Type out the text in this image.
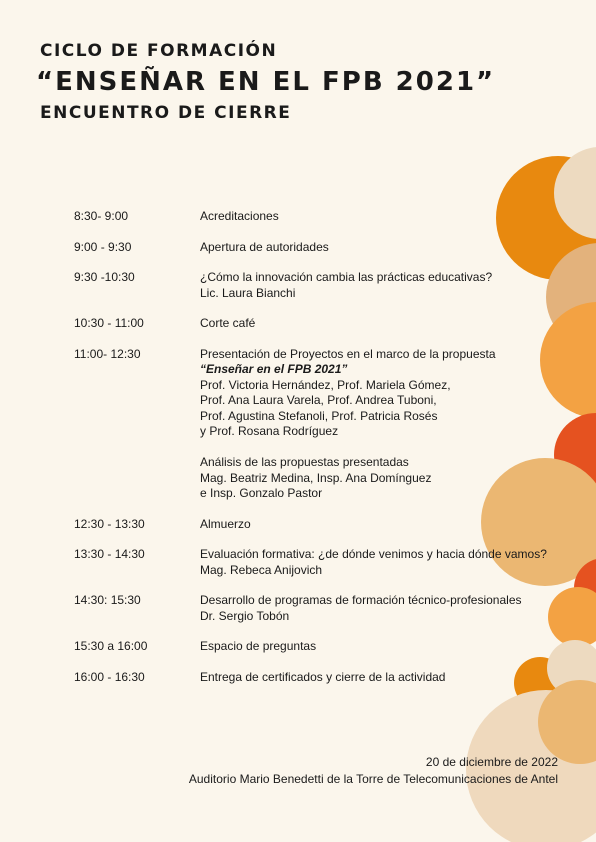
CICLO DE FORMACIÓN

“ENSEÑAR EN EL FPB 2021”

ENCUENTRO DE CIERRE

8:30- 9:00	Acreditaciones

9:00 - 9:30	Apertura de autoridades

9:30 -10:30	¿Cómo la innovación cambia las prácticas educativas?

Lic. Laura Bianchi

10:30 - 11:00	Corte café

11:00- 12:30	Presentación de Proyectos en el marco de la propuesta

“Enseñar en el FPB 2021”

Prof. Victoria Hernández, Prof. Mariela Gómez,

Prof. Ana Laura Varela, Prof. Andrea Tuboni,

Prof. Agustina Stefanoli, Prof. Patricia Rosés

y Prof. Rosana Rodríguez

Análisis de las propuestas presentadas

Mag. Beatriz Medina, Insp. Ana Domínguez

e Insp. Gonzalo Pastor

12:30 - 13:30	Almuerzo

13:30 - 14:30	Evaluación formativa: ¿de dónde venimos y hacia dónde vamos?

Mag. Rebeca Anijovich

14:30: 15:30	Desarrollo de programas de formación técnico-profesionales

Dr. Sergio Tobón

15:30 a 16:00	Espacio de preguntas

16:00 - 16:30	Entrega de certificados y cierre de la actividad

20 de diciembre de 2022
Auditorio Mario Benedetti de la Torre de Telecomunicaciones de Antel
